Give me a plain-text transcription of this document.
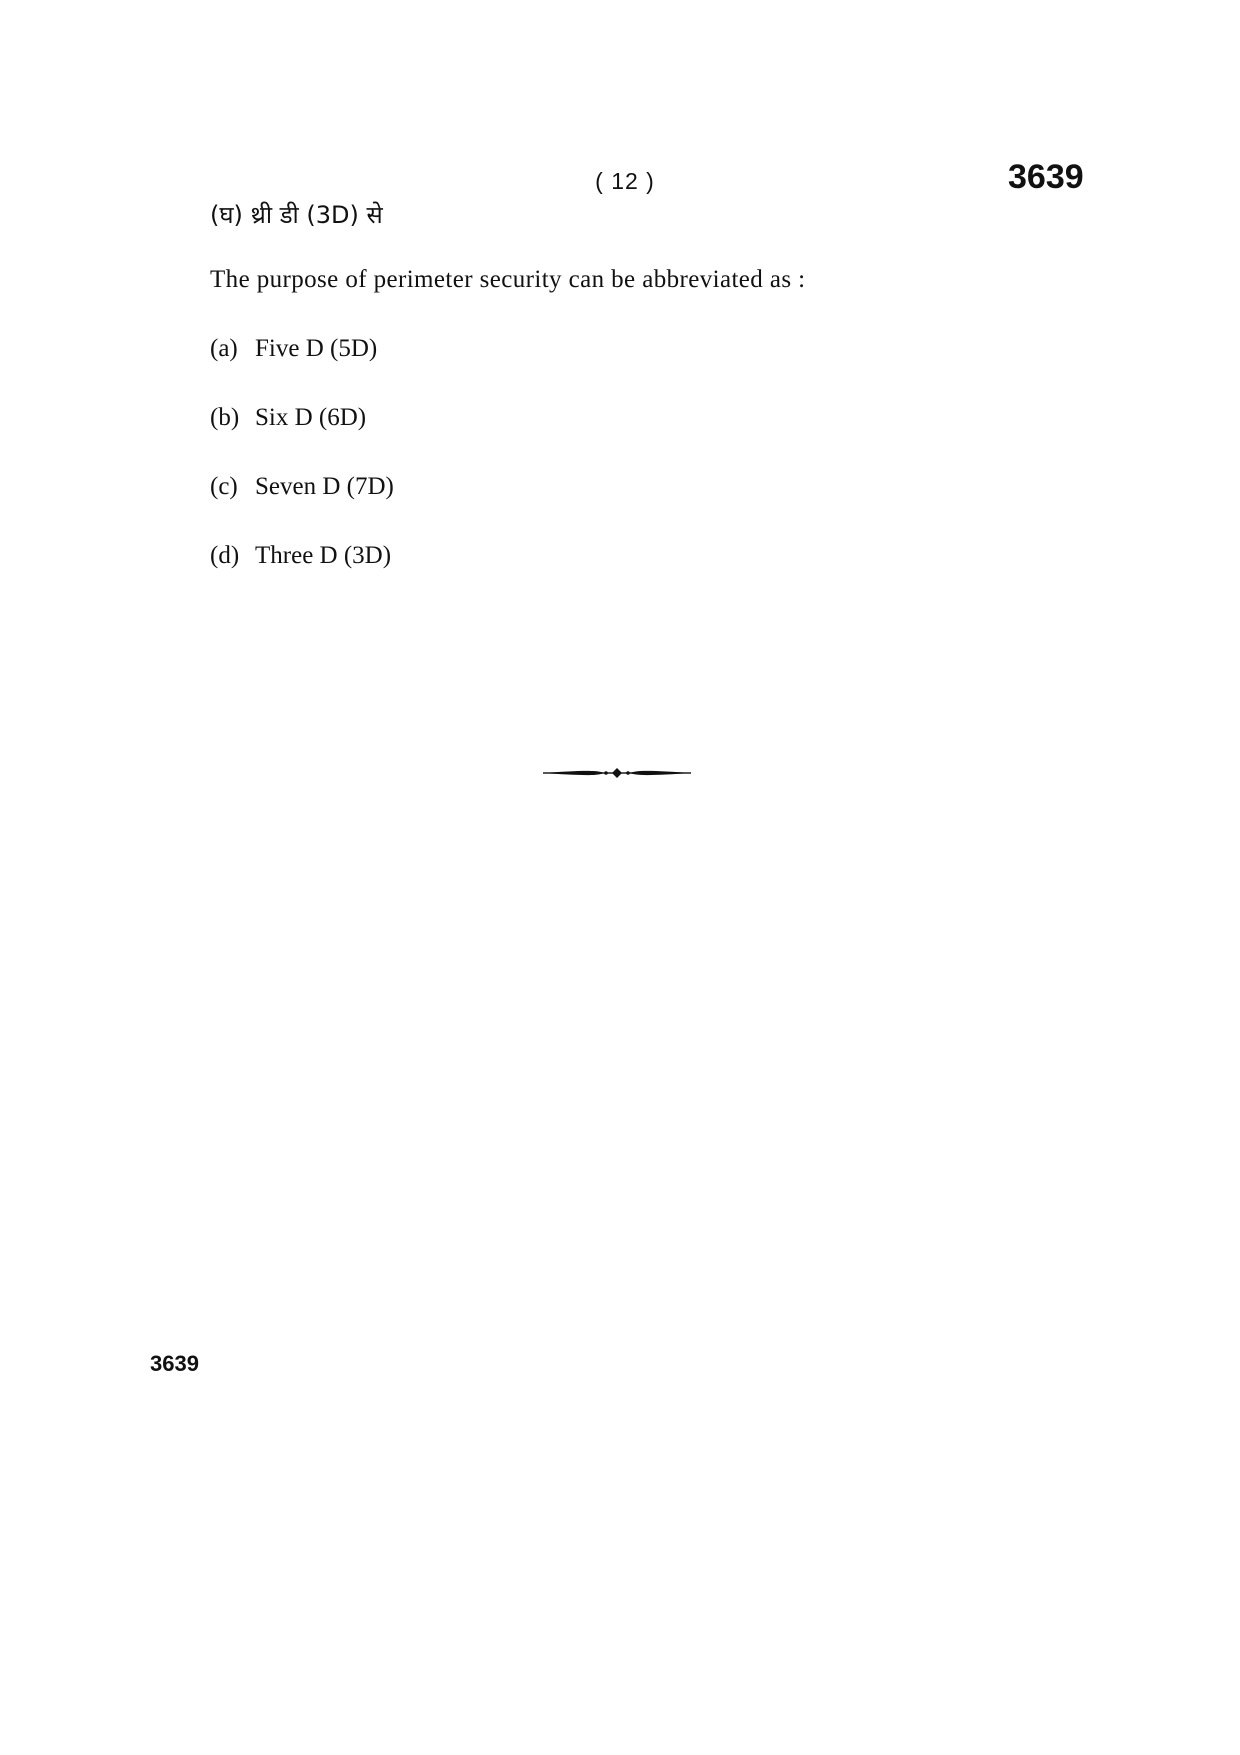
( 12 )	3639
(घ) थ्री डी (3D) से
The purpose of perimeter security can be abbreviated as :
(a) Five D (5D)
(b) Six D (6D)
(c) Seven D (7D)
(d) Three D (3D)
3639
